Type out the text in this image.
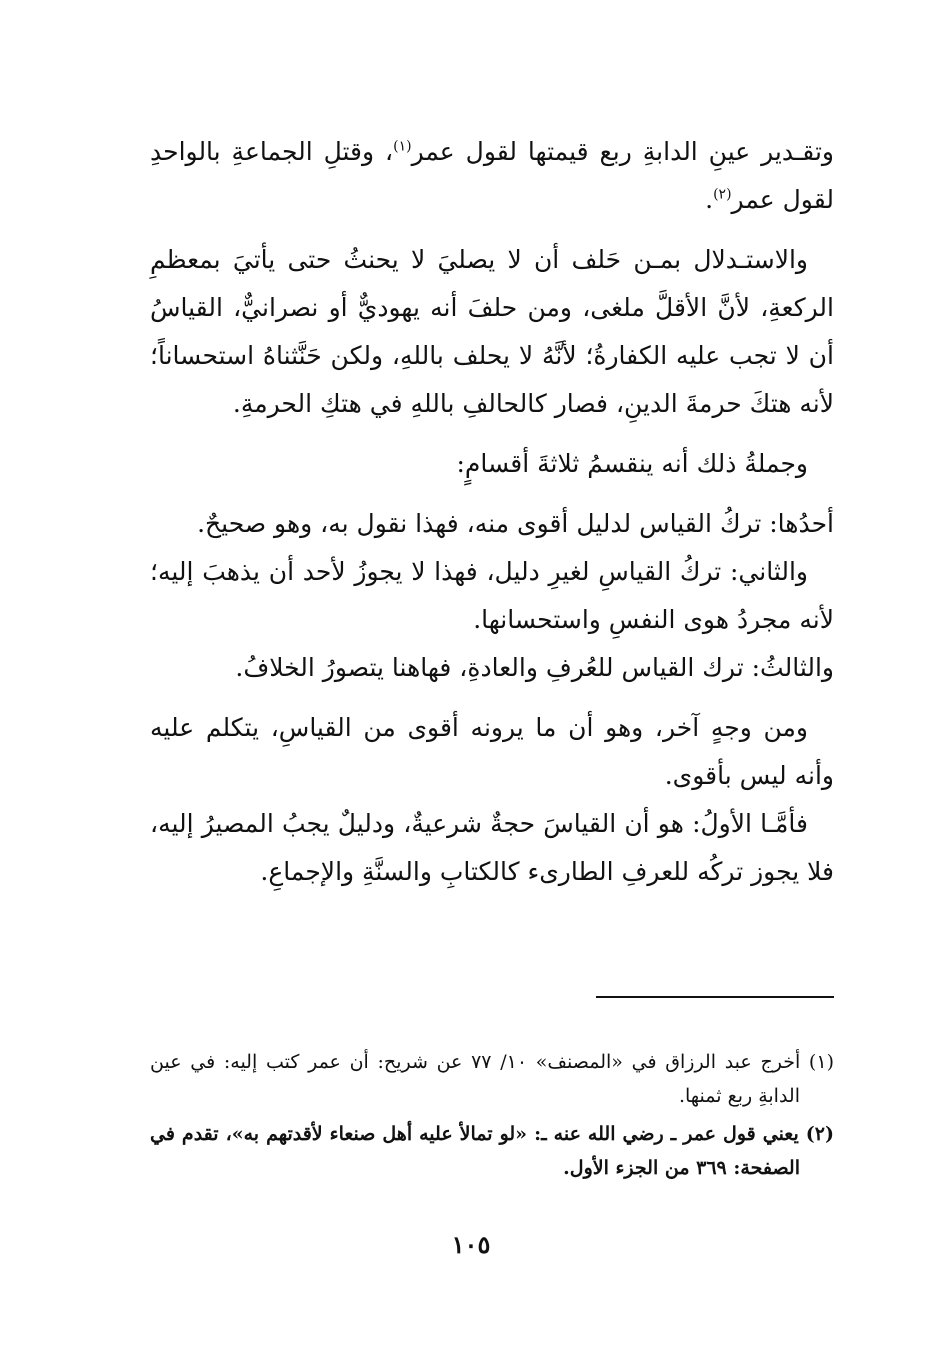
وتقـدير عينِ الدابةِ ربع قيمتها لقول عمر$^{(١)}$، وقتلِ الجماعةِ بالواحدِ لقول عمر$^{(٢)}$.

والاستـدلال بمـن حَلف أن لا يصليَ لا يحنثُ حتى يأتيَ بمعظمِ الركعةِ، لأنَّ الأقلَّ ملغى، ومن حلفَ أنه يهوديٌّ أو نصرانيٌّ، القياسُ أن لا تجب عليه الكفارةُ؛ لأنَّهُ لا يحلف باللهِ، ولكن حَنَّثناهُ استحساناً؛ لأنه هتكَ حرمةَ الدينِ، فصار كالحالفِ باللهِ في هتكِ الحرمةِ.

وجملةُ ذلك أنه ينقسمُ ثلاثةَ أقسامٍ:

أحدُها: تركُ القياس لدليل أقوى منه، فهذا نقول به، وهو صحيحٌ.

والثاني: تركُ القياسِ لغيرِ دليل، فهذا لا يجوزُ لأحد أن يذهبَ إليه؛ لأنه مجردُ هوى النفسِ واستحسانها.

والثالثُ: ترك القياس للعُرفِ والعادةِ، فهاهنا يتصورُ الخلافُ.

ومن وجهٍ آخر، وهو أن ما يرونه أقوى من القياسِ، يتكلم عليه وأنه ليس بأقوى.

فأمَّـا الأولُ: هو أن القياسَ حجةٌ شرعيةٌ، ودليلٌ يجبُ المصيرُ إليه، فلا يجوز تركُه للعرفِ الطارىء كالكتابِ والسنَّةِ والإجماعِ.

(١) أخرج عبد الرزاق في «المصنف» ١٠/ ٧٧ عن شريح: أن عمر كتب إليه: في عين الدابةِ ربع ثمنها.

(٢) يعني قول عمر ـ رضي الله عنه ـ: «لو تمالأ عليه أهل صنعاء لأقدتهم به»، تقدم في الصفحة: ٣٦٩ من الجزء الأول.

١٠٥
